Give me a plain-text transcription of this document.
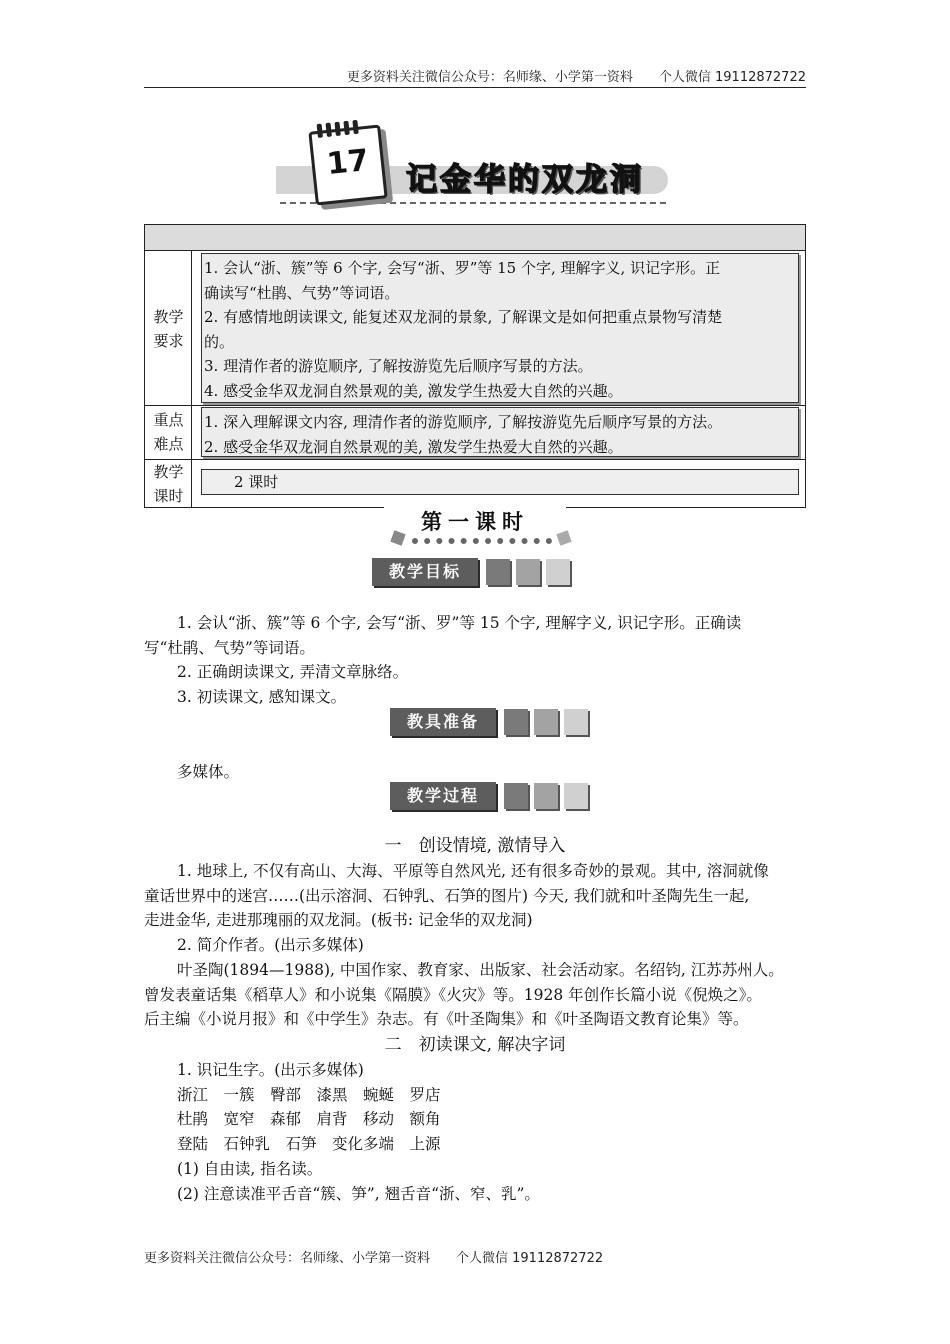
更多资料关注微信公众号：名师缘、小学第一资料　　个人微信 19112872722
17	记金华的双龙洞
教学
要求

1. 会认“浙、簇”等 6 个字, 会写“浙、罗”等 15 个字, 理解字义, 识记字形。正

确读写“杜鹃、气势”等词语。

2. 有感情地朗读课文, 能复述双龙洞的景象, 了解课文是如何把重点景物写清楚

的。

3. 理清作者的游览顺序, 了解按游览先后顺序写景的方法。

4. 感受金华双龙洞自然景观的美, 激发学生热爱大自然的兴趣。

重点
难点

1. 深入理解课文内容, 理清作者的游览顺序, 了解按游览先后顺序写景的方法。

2. 感受金华双龙洞自然景观的美, 激发学生热爱大自然的兴趣。

教学
课时
2 课时
第一课时
教学目标
1. 会认“浙、簇”等 6 个字, 会写“浙、罗”等 15 个字, 理解字义, 识记字形。正确读
写“杜鹃、气势”等词语。
2. 正确朗读课文, 弄清文章脉络。
3. 初读课文, 感知课文。
教具准备
多媒体。
教学过程
一　创设情境, 激情导入
1. 地球上, 不仅有高山、大海、平原等自然风光, 还有很多奇妙的景观。其中, 溶洞就像
童话世界中的迷宫……(出示溶洞、石钟乳、石笋的图片) 今天, 我们就和叶圣陶先生一起,
走进金华, 走进那瑰丽的双龙洞。(板书: 记金华的双龙洞)
2. 简介作者。(出示多媒体)
叶圣陶(1894—1988), 中国作家、教育家、出版家、社会活动家。名绍钧, 江苏苏州人。
曾发表童话集《稻草人》和小说集《隔膜》《火灾》等。1928 年创作长篇小说《倪焕之》。
后主编《小说月报》和《中学生》杂志。有《叶圣陶集》和《叶圣陶语文教育论集》等。
二　初读课文, 解决字词
1. 识记生字。(出示多媒体)
浙江　一簇　臀部　漆黑　蜿蜒　罗店
杜鹃　宽窄　森郁　肩背　移动　额角
登陆　石钟乳　石笋　变化多端　上源
(1) 自由读, 指名读。
(2) 注意读准平舌音“簇、笋”, 翘舌音“浙、窄、乳”。
更多资料关注微信公众号：名师缘、小学第一资料　　个人微信 19112872722
